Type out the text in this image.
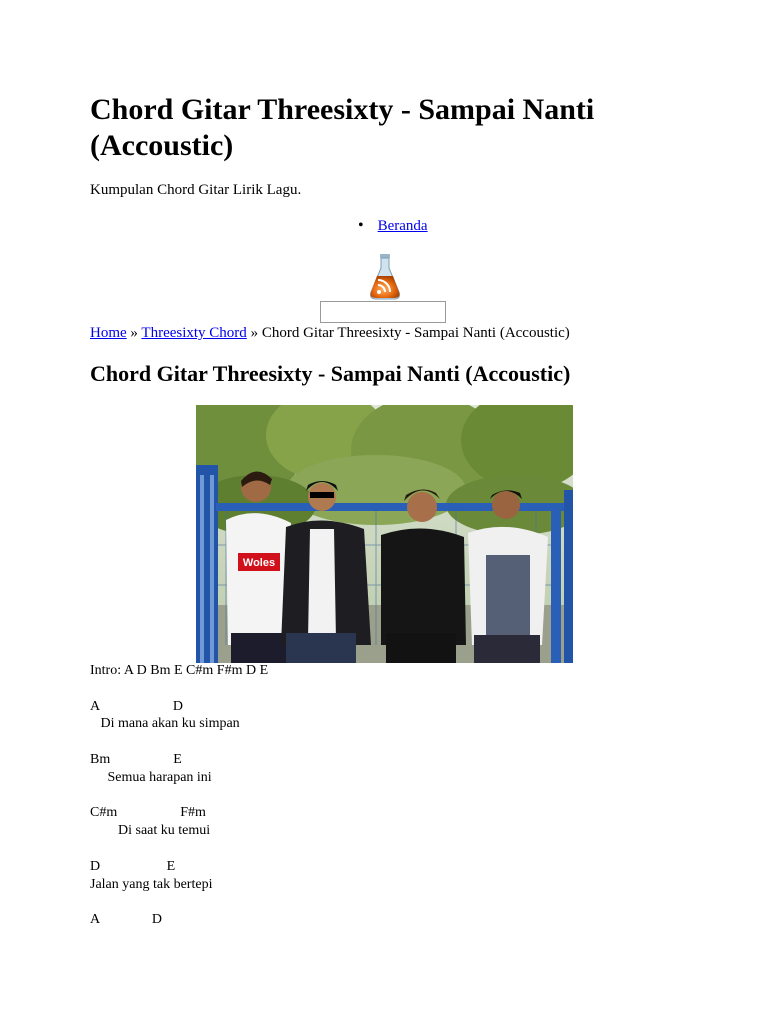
Chord Gitar Threesixty - Sampai Nanti (Accoustic)
Kumpulan Chord Gitar Lirik Lagu.
• Beranda
Home » Threesixty Chord » Chord Gitar Threesixty - Sampai Nanti (Accoustic)
Chord Gitar Threesixty - Sampai Nanti (Accoustic)
Woles
Intro: A D Bm E C#m F#m D E
A                     D
Di mana akan ku simpan
Bm                  E
Semua harapan ini
C#m                  F#m
Di saat ku temui
D                   E
Jalan yang tak bertepi
A               D
